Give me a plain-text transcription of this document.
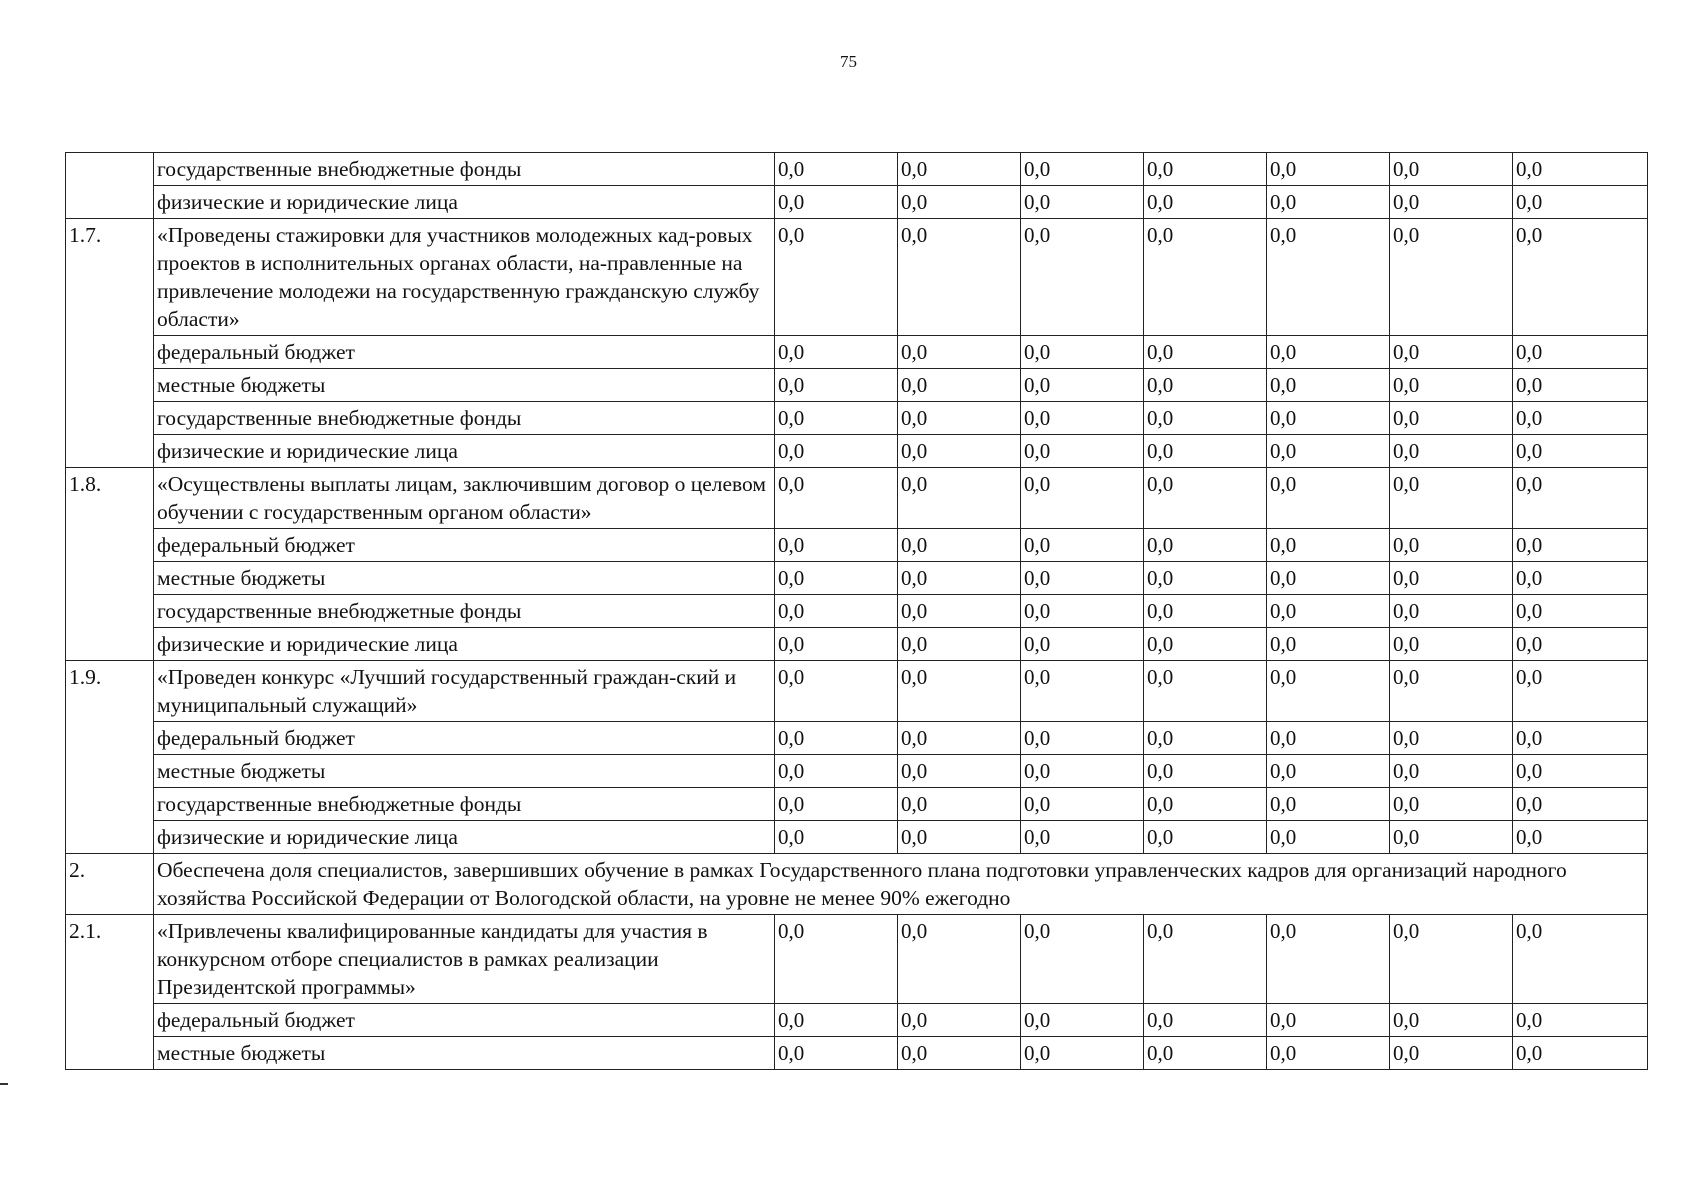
75
	государственные внебюджетные фонды	0,0	0,0	0,0	0,0	0,0	0,0	0,0
	физические и юридические лица	0,0	0,0	0,0	0,0	0,0	0,0	0,0
1.7.	«Проведены стажировки для участников молодежных кад-ровых проектов в исполнительных органах области, на-правленные на привлечение молодежи на государственную гражданскую службу области»	0,0	0,0	0,0	0,0	0,0	0,0	0,0
	федеральный бюджет	0,0	0,0	0,0	0,0	0,0	0,0	0,0
	местные бюджеты	0,0	0,0	0,0	0,0	0,0	0,0	0,0
	государственные внебюджетные фонды	0,0	0,0	0,0	0,0	0,0	0,0	0,0
	физические и юридические лица	0,0	0,0	0,0	0,0	0,0	0,0	0,0
1.8.	«Осуществлены выплаты лицам, заключившим договор о целевом обучении с государственным органом области»	0,0	0,0	0,0	0,0	0,0	0,0	0,0
	федеральный бюджет	0,0	0,0	0,0	0,0	0,0	0,0	0,0
	местные бюджеты	0,0	0,0	0,0	0,0	0,0	0,0	0,0
	государственные внебюджетные фонды	0,0	0,0	0,0	0,0	0,0	0,0	0,0
	физические и юридические лица	0,0	0,0	0,0	0,0	0,0	0,0	0,0
1.9.	«Проведен конкурс «Лучший государственный граждан-ский и муниципальный служащий»	0,0	0,0	0,0	0,0	0,0	0,0	0,0
	федеральный бюджет	0,0	0,0	0,0	0,0	0,0	0,0	0,0
	местные бюджеты	0,0	0,0	0,0	0,0	0,0	0,0	0,0
	государственные внебюджетные фонды	0,0	0,0	0,0	0,0	0,0	0,0	0,0
	физические и юридические лица	0,0	0,0	0,0	0,0	0,0	0,0	0,0
2.	Обеспечена доля специалистов, завершивших обучение в рамках Государственного плана подготовки управленческих кадров для организаций народного хозяйства Российской Федерации от Вологодской области, на уровне не менее 90% ежегодно							
2.1.	«Привлечены квалифицированные кандидаты для участия в конкурсном отборе специалистов в рамках реализации Президентской программы»	0,0	0,0	0,0	0,0	0,0	0,0	0,0
	федеральный бюджет	0,0	0,0	0,0	0,0	0,0	0,0	0,0
	местные бюджеты	0,0	0,0	0,0	0,0	0,0	0,0	0,0
